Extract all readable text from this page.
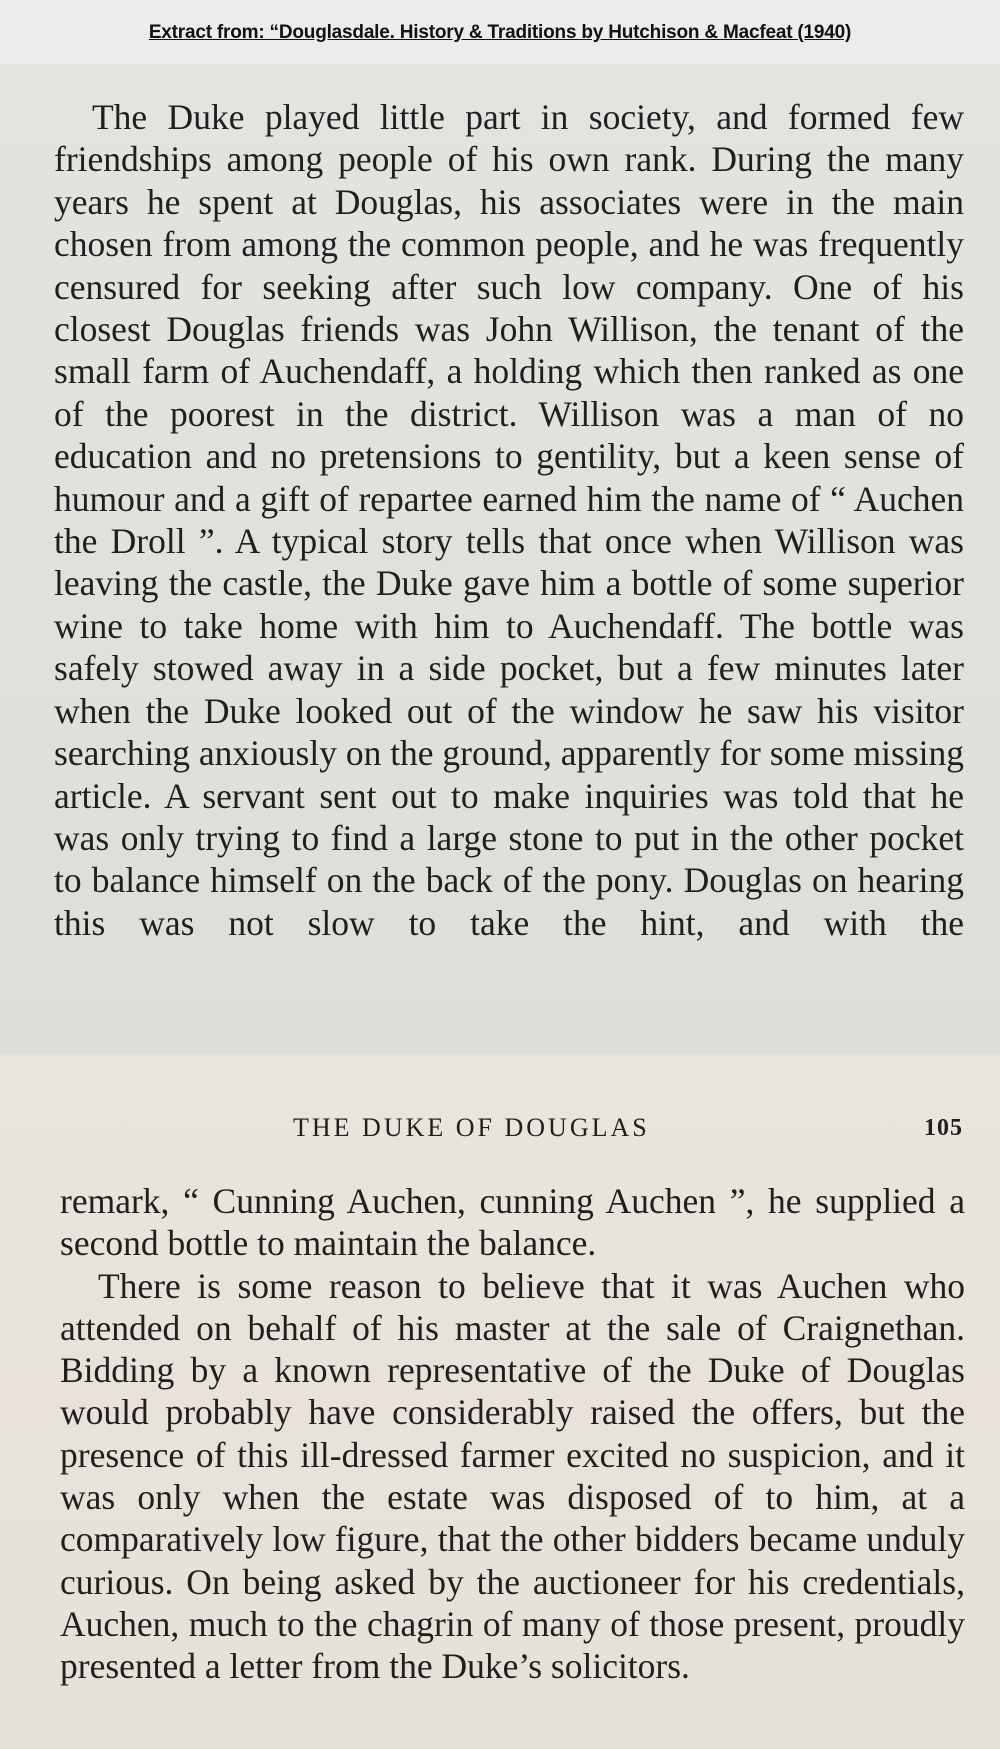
Extract from: “Douglasdale. History & Traditions by Hutchison & Macfeat (1940)

The Duke played little part in society, and formed few friendships among people of his own rank. During the many years he spent at Douglas, his associates were in the main chosen from among the common people, and he was frequently censured for seeking after such low company. One of his closest Douglas friends was John Willison, the tenant of the small farm of Auchendaff, a holding which then ranked as one of the poorest in the district. Willison was a man of no education and no pretensions to gentility, but a keen sense of humour and a gift of repartee earned him the name of “ Auchen the Droll ”. A typical story tells that once when Willison was leaving the castle, the Duke gave him a bottle of some superior wine to take home with him to Auchendaff. The bottle was safely stowed away in a side pocket, but a few minutes later when the Duke looked out of the window he saw his visitor searching anxiously on the ground, apparently for some missing article. A servant sent out to make inquiries was told that he was only trying to find a large stone to put in the other pocket to balance himself on the back of the pony. Douglas on hearing this was not slow to take the hint, and with the

THE DUKE OF DOUGLAS	105

remark, “ Cunning Auchen, cunning Auchen ”, he supplied a second bottle to maintain the balance.

There is some reason to believe that it was Auchen who attended on behalf of his master at the sale of Craignethan. Bidding by a known representative of the Duke of Douglas would probably have considerably raised the offers, but the presence of this ill-dressed farmer excited no suspicion, and it was only when the estate was disposed of to him, at a comparatively low figure, that the other bidders became unduly curious. On being asked by the auctioneer for his credentials, Auchen, much to the chagrin of many of those present, proudly presented a letter from the Duke’s solicitors.
